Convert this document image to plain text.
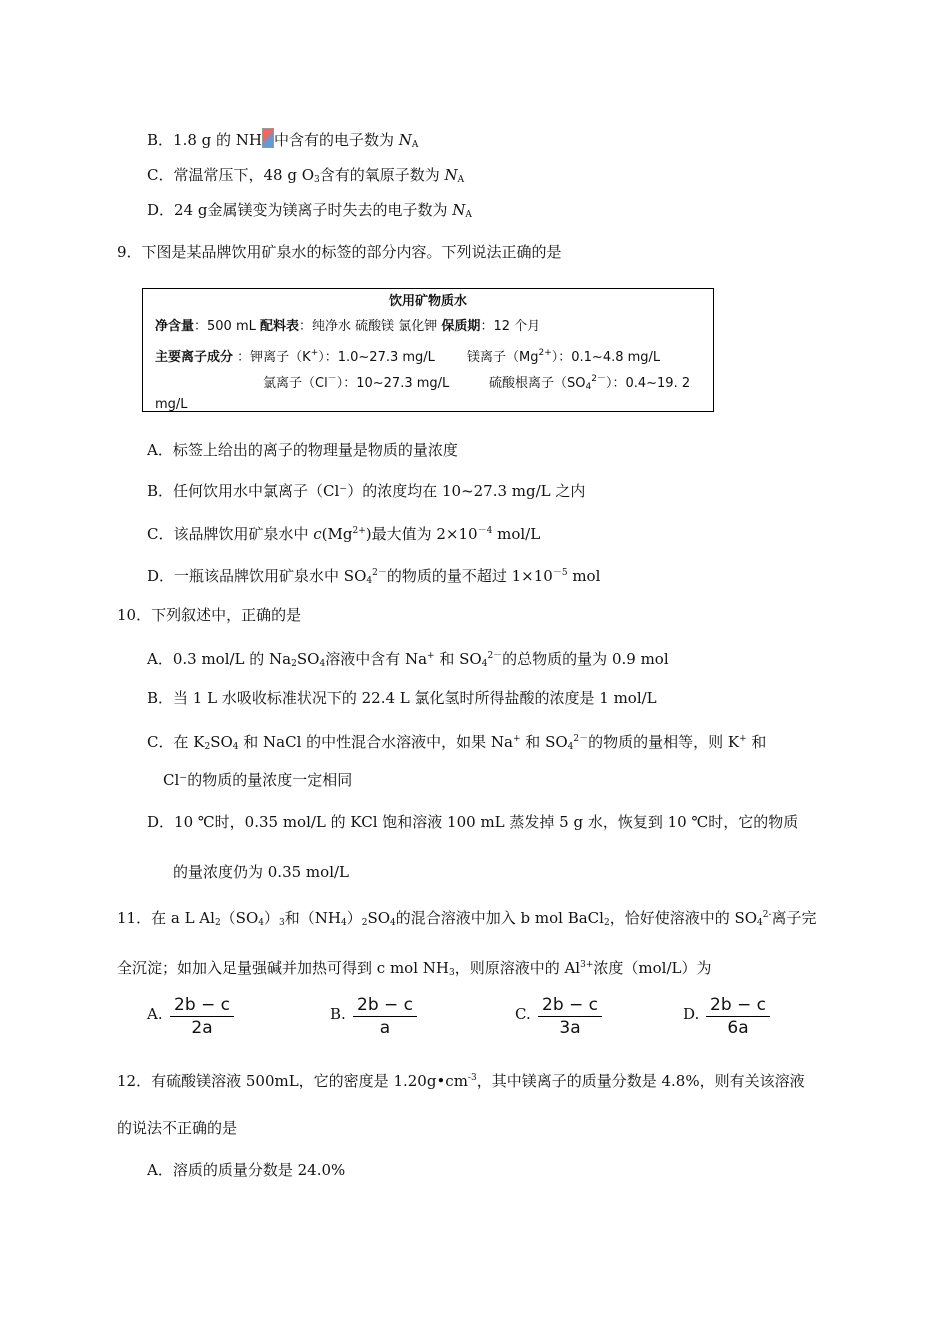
B．1.8 g 的 NH 中含有的电子数为 $N_A$
C．常温常压下，48 g $O_3$含有的氧原子数为 $N_A$
D．24 g金属镁变为镁离子时失去的电子数为 $N_A$
9．下图是某品牌饮用矿泉水的标签的部分内容。下列说法正确的是
饮用矿物质水
净含量：500 mL 配料表：纯净水 硫酸镁 氯化钾 保质期：12 个月
主要离子成分 ：钾离子（K+）：1.0~27.3 mg/L 镁离子$(Mg^{2+})$：0.1~4.8 mg/L
氯离子（Cl－）：10~27.3 mg/L	硫酸根离子$(SO_4^{2-})$：0.4~19. 2
mg/L
A．标签上给出的离子的物理量是物质的量浓度
B．任何饮用水中氯离子（Cl⁻）的浓度均在 10~27.3 mg/L 之内
C．该品牌饮用矿泉水中 $c(Mg^{2+})$最大值为 $2\times 10^{-4}$ mol/L
D．一瓶该品牌饮用矿泉水中 $SO_4^{2-}$的物质的量不超过 $1\times 10^{-5}$ mol
10．下列叙述中，正确的是
A．0.3 mol/L 的 $Na_2SO_4$溶液中含有 Na+ 和 $SO_4^{2-}$的总物质的量为 0.9 mol
B．当 1 L 水吸收标准状况下的 22.4 L 氯化氢时所得盐酸的浓度是 1 mol/L
C．在 $K_2SO_4$ 和 NaCl 的中性混合水溶液中，如果 Na+ 和 $SO_4^{2-}$的物质的量相等，则 K+ 和
Cl⁻的物质的量浓度一定相同
D．10 ℃时，0.35 mol/L 的 KCl 饱和溶液 100 mL 蒸发掉 5 g 水，恢复到 10 ℃时，它的物质
的量浓度仍为 0.35 mol/L
11．在 a L $Al_2(SO_4)_3$和$(NH_4)_2SO_4$的混合溶液中加入 b mol BaCl$_2$，恰好使溶液中的 $SO_4^{2-}$离子完
全沉淀；如加入足量强碱并加热可得到 c mol $NH_3$，则原溶液中的 $Al^{3+}$浓度（mol/L）为
A. $\frac{2b - c}{2a}$	B. $\frac{2b - c}{a}$	C. $\frac{2b - c}{3a}$	D. $\frac{2b - c}{6a}$
12．有硫酸镁溶液 500mL，它的密度是 $1.20g•cm^{-3}$，其中镁离子的质量分数是 4.8%，则有关该溶液
的说法不正确的是
A．溶质的质量分数是 24.0%
